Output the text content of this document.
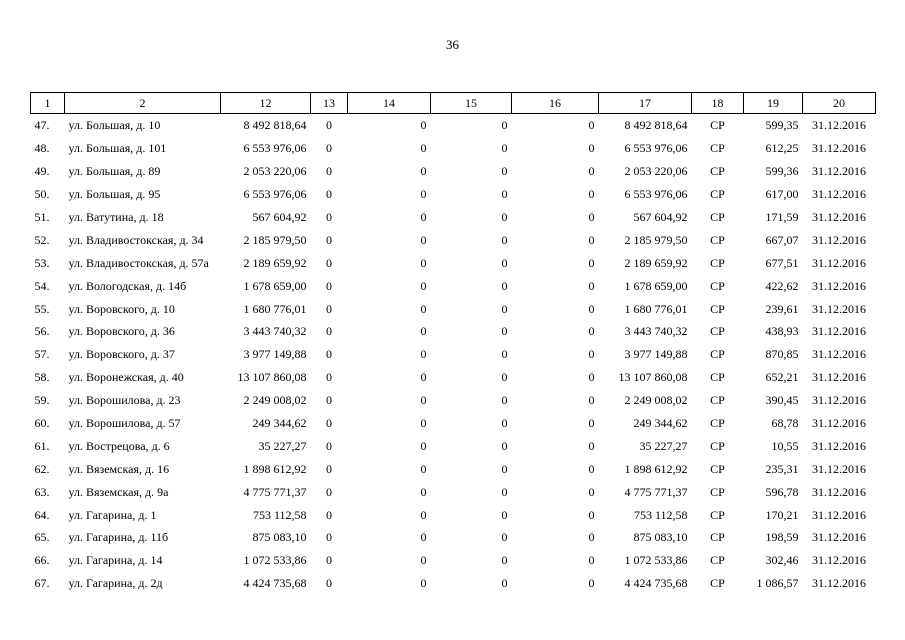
36
1	2	12	13	14	15	16	17	18	19	20
47.	ул. Большая, д. 10	8 492 818,64	0	0	0	0	8 492 818,64	СР	599,35	31.12.2016
48.	ул. Большая, д. 101	6 553 976,06	0	0	0	0	6 553 976,06	СР	612,25	31.12.2016
49.	ул. Большая, д. 89	2 053 220,06	0	0	0	0	2 053 220,06	СР	599,36	31.12.2016
50.	ул. Большая, д. 95	6 553 976,06	0	0	0	0	6 553 976,06	СР	617,00	31.12.2016
51.	ул. Ватутина, д. 18	567 604,92	0	0	0	0	567 604,92	СР	171,59	31.12.2016
52.	ул. Владивостокская, д. 34	2 185 979,50	0	0	0	0	2 185 979,50	СР	667,07	31.12.2016
53.	ул. Владивостокская, д. 57а	2 189 659,92	0	0	0	0	2 189 659,92	СР	677,51	31.12.2016
54.	ул. Вологодская, д. 14б	1 678 659,00	0	0	0	0	1 678 659,00	СР	422,62	31.12.2016
55.	ул. Воровского, д. 10	1 680 776,01	0	0	0	0	1 680 776,01	СР	239,61	31.12.2016
56.	ул. Воровского, д. 36	3 443 740,32	0	0	0	0	3 443 740,32	СР	438,93	31.12.2016
57.	ул. Воровского, д. 37	3 977 149,88	0	0	0	0	3 977 149,88	СР	870,85	31.12.2016
58.	ул. Воронежская, д. 40	13 107 860,08	0	0	0	0	13 107 860,08	СР	652,21	31.12.2016
59.	ул. Ворошилова, д. 23	2 249 008,02	0	0	0	0	2 249 008,02	СР	390,45	31.12.2016
60.	ул. Ворошилова, д. 57	249 344,62	0	0	0	0	249 344,62	СР	68,78	31.12.2016
61.	ул. Вострецова, д. 6	35 227,27	0	0	0	0	35 227,27	СР	10,55	31.12.2016
62.	ул. Вяземская, д. 16	1 898 612,92	0	0	0	0	1 898 612,92	СР	235,31	31.12.2016
63.	ул. Вяземская, д. 9а	4 775 771,37	0	0	0	0	4 775 771,37	СР	596,78	31.12.2016
64.	ул. Гагарина, д. 1	753 112,58	0	0	0	0	753 112,58	СР	170,21	31.12.2016
65.	ул. Гагарина, д. 11б	875 083,10	0	0	0	0	875 083,10	СР	198,59	31.12.2016
66.	ул. Гагарина, д. 14	1 072 533,86	0	0	0	0	1 072 533,86	СР	302,46	31.12.2016
67.	ул. Гагарина, д. 2д	4 424 735,68	0	0	0	0	4 424 735,68	СР	1 086,57	31.12.2016
